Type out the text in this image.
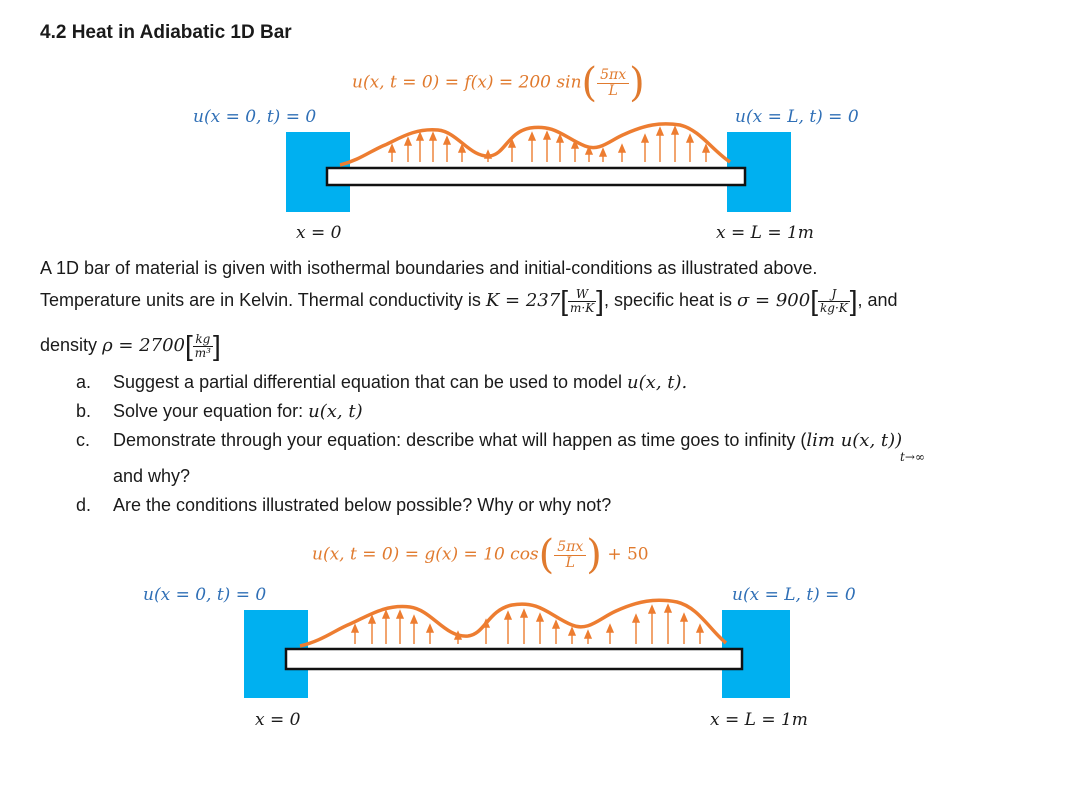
4.2 Heat in Adiabatic 1D Bar
u(x, t = 0) = f(x) = 200 $\sin( \frac{5\pi x}{L}$ )
u(x = 0, t) = 0	u(x = L, t) = 0
x = 0	x = L = 1m
A 1D bar of material is given with isothermal boundaries and initial-conditions as illustrated above.
Temperature units are in Kelvin. Thermal conductivity is $K = 237[ \frac{W}{m\cdot K}$ ], specific heat is $\sigma = 900[ \frac{J}{kg\cdot K}$ ], and
density $\rho = 2700[ \frac{kg}{\text{m³}}$ ]
a. Suggest a partial differential equation that can be used to model u(x, t).
b. Solve your equation for: u(x, t)
c. Demonstrate through your equation: describe what will happen as time goes to infinity (lim u(x, t))
t→∞
and why?
d. Are the conditions illustrated below possible? Why or why not?
u(x, t = 0) = g(x) = 10 $\cos( \frac{5\pi x}{L}$ ) + 50
u(x = 0, t) = 0	u(x = L, t) = 0
x = 0	x = L = 1m
